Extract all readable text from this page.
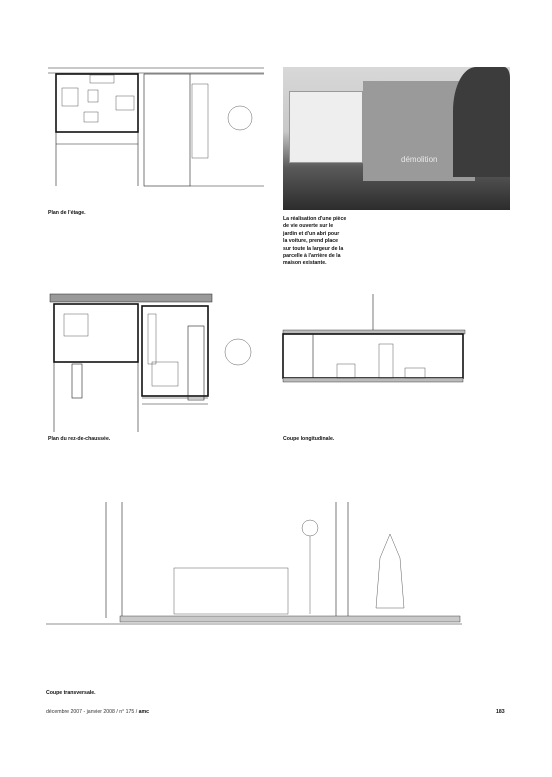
démolition
Plan de l'étage.
La réalisation d'une pièce
de vie ouverte sur le
jardin et d'un abri pour
la voiture, prend place
sur toute la largeur de la
parcelle à l'arrière de la
maison existante.
Plan du rez-de-chaussée.	Coupe longitudinale.
Coupe transversale.
décembre 2007 - janvier 2008 / n° 175 / amc	183
